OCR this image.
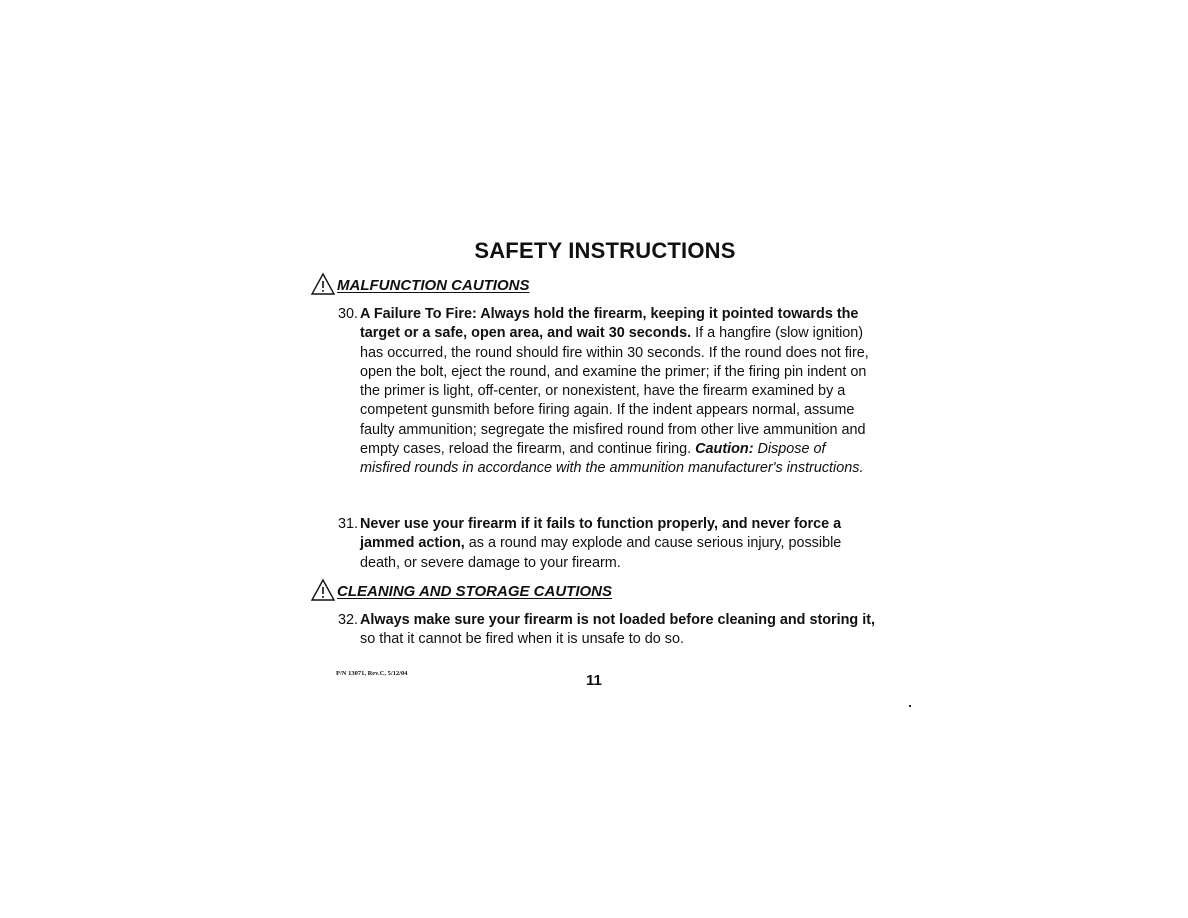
SAFETY INSTRUCTIONS
MALFUNCTION CAUTIONS
30. A Failure To Fire: Always hold the firearm, keeping it pointed towards the target or a safe, open area, and wait 30 seconds. If a hangfire (slow ignition) has occurred, the round should fire within 30 seconds. If the round does not fire, open the bolt, eject the round, and examine the primer; if the firing pin indent on the primer is light, off-center, or nonexistent, have the firearm examined by a competent gunsmith before firing again. If the indent appears normal, assume faulty ammunition; segregate the misfired round from other live ammunition and empty cases, reload the firearm, and continue firing. Caution: Dispose of misfired rounds in accordance with the ammunition manufacturer's instructions.
31. Never use your firearm if it fails to function properly, and never force a jammed action, as a round may explode and cause serious injury, possible death, or severe damage to your firearm.
CLEANING AND STORAGE CAUTIONS
32. Always make sure your firearm is not loaded before cleaning and storing it, so that it cannot be fired when it is unsafe to do so.
P/N 13071, Rev.C, 5/12/04	11
